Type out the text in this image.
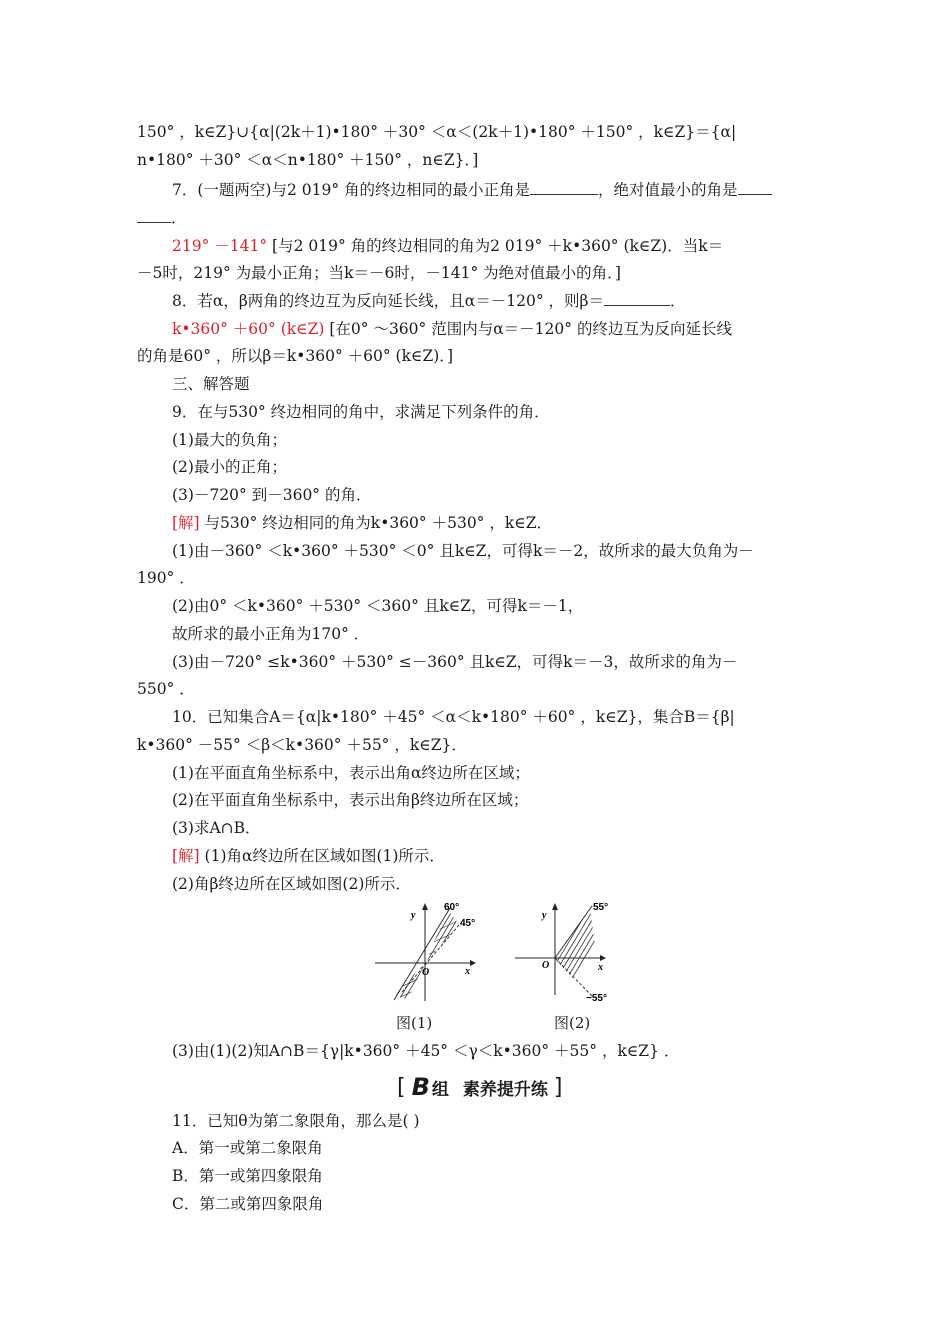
150° ，k∈Z}∪{α|(2k＋1)•180° ＋30° ＜α＜(2k＋1)•180° ＋150° ，k∈Z}＝{α|
n•180° ＋30° ＜α＜n•180° ＋150° ，n∈Z}．]
7．(一题两空)与2 019° 角的终边相同的最小正角是	，绝对值最小的角是
．
219° －141° [与2 019° 角的终边相同的角为2 019° ＋k•360° (k∈Z)．当k＝
－5时，219° 为最小正角；当k＝－6时，－141° 为绝对值最小的角．]
8．若α，β两角的终边互为反向延长线，且α＝－120° ，则β＝	．
k•360° ＋60° (k∈Z) [在0° ～360° 范围内与α＝－120° 的终边互为反向延长线
的角是60° ，所以β＝k•360° ＋60° (k∈Z)．]
三、解答题
9．在与530° 终边相同的角中，求满足下列条件的角．
(1)最大的负角；
(2)最小的正角；
(3)－720° 到－360° 的角．
[解] 与530° 终边相同的角为k•360° ＋530° ，k∈Z．
(1)由－360° ＜k•360° ＋530° ＜0° 且k∈Z，可得k＝－2，故所求的最大负角为－
190° ．
(2)由0° ＜k•360° ＋530° ＜360° 且k∈Z，可得k＝－1，
故所求的最小正角为170° ．
(3)由－720° ≤k•360° ＋530° ≤－360° 且k∈Z，可得k＝－3，故所求的角为－
550° ．
10．已知集合A＝{α|k•180° ＋45° ＜α＜k•180° ＋60° ，k∈Z}，集合B＝{β|
k•360° －55° ＜β＜k•360° ＋55° ，k∈Z}．
(1)在平面直角坐标系中，表示出角α终边所在区域；
(2)在平面直角坐标系中，表示出角β终边所在区域；
(3)求A∩B．
[解] (1)角α终边所在区域如图(1)所示．
(2)角β终边所在区域如图(2)所示．
60°
45°
y
x
O
图(1)
55°
−55°
y
x
O
图(2)
(3)由(1)(2)知A∩B＝{γ|k•360° ＋45° ＜γ＜k•360° ＋55° ，k∈Z} ．
[ B 组 素养提升练 ]
11．已知θ为第二象限角，那么是( )
A．第一或第二象限角
B．第一或第四象限角
C．第二或第四象限角
